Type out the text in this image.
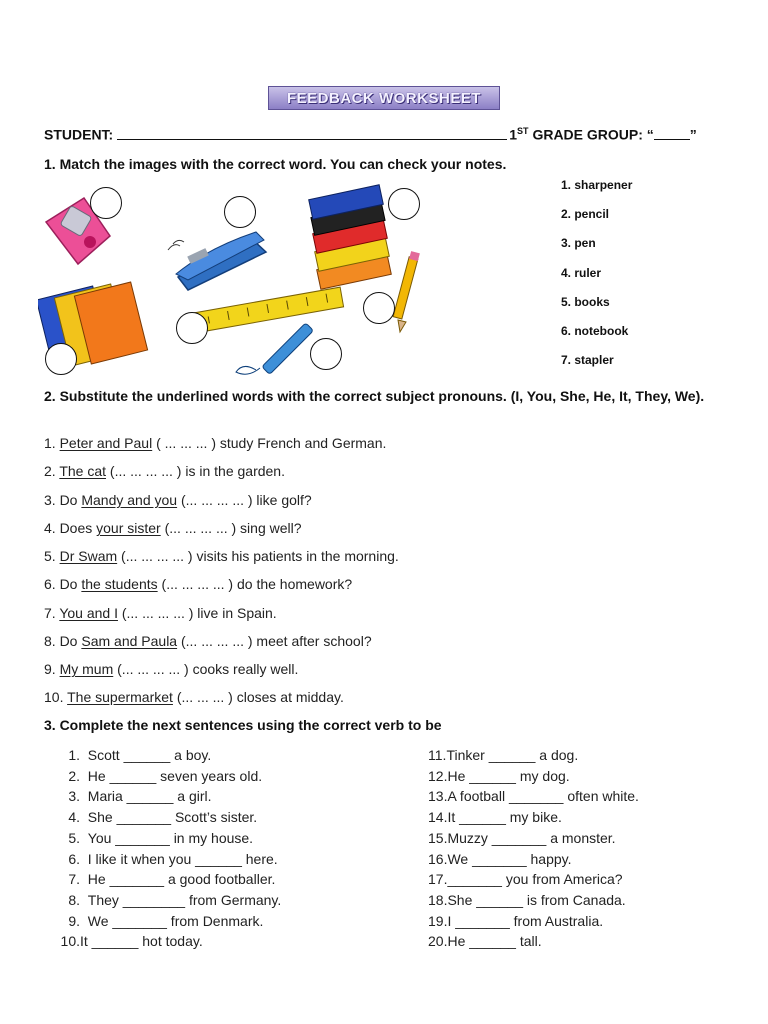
FEEDBACK WORKSHEET
STUDENT:	1ST GRADE GROUP: “	”
1. Match the images with the correct word. You can check your notes.
1. sharpener
2. pencil
3. pen
4. ruler
5. books
6. notebook
7. stapler
2. Substitute the underlined words with the correct subject pronouns. (I, You, She, He, It, They, We).
1. Peter and Paul ( ... ... ... ) study French and German.
2. The cat (... ... ... ... ) is in the garden.
3. Do Mandy and you (... ... ... ... ) like golf?
4. Does your sister (... ... ... ... ) sing well?
5. Dr Swam (... ... ... ... ) visits his patients in the morning.
6. Do the students (... ... ... ... ) do the homework?
7. You and I (... ... ... ... ) live in Spain.
8. Do Sam and Paula (... ... ... ... ) meet after school?
9. My mum (... ... ... ... ) cooks really well.
10. The supermarket (... ... ... ) closes at midday.
3. Complete the next sentences using the correct verb to be
1. Scott ______ a boy.
2. He ______ seven years old.
3. Maria ______ a girl.
4. She _______ Scott’s sister.
5. You _______ in my house.
6. I like it when you ______ here.
7. He _______ a good footballer.
8. They ________ from Germany.
9. We _______ from Denmark.
10.It ______ hot today.
11.Tinker ______ a dog.
12.He ______ my dog.
13.A football _______ often white.
14.It ______ my bike.
15.Muzzy _______ a monster.
16.We _______ happy.
17._______ you from America?
18.She ______ is from Canada.
19.I _______ from Australia.
20.He ______ tall.
